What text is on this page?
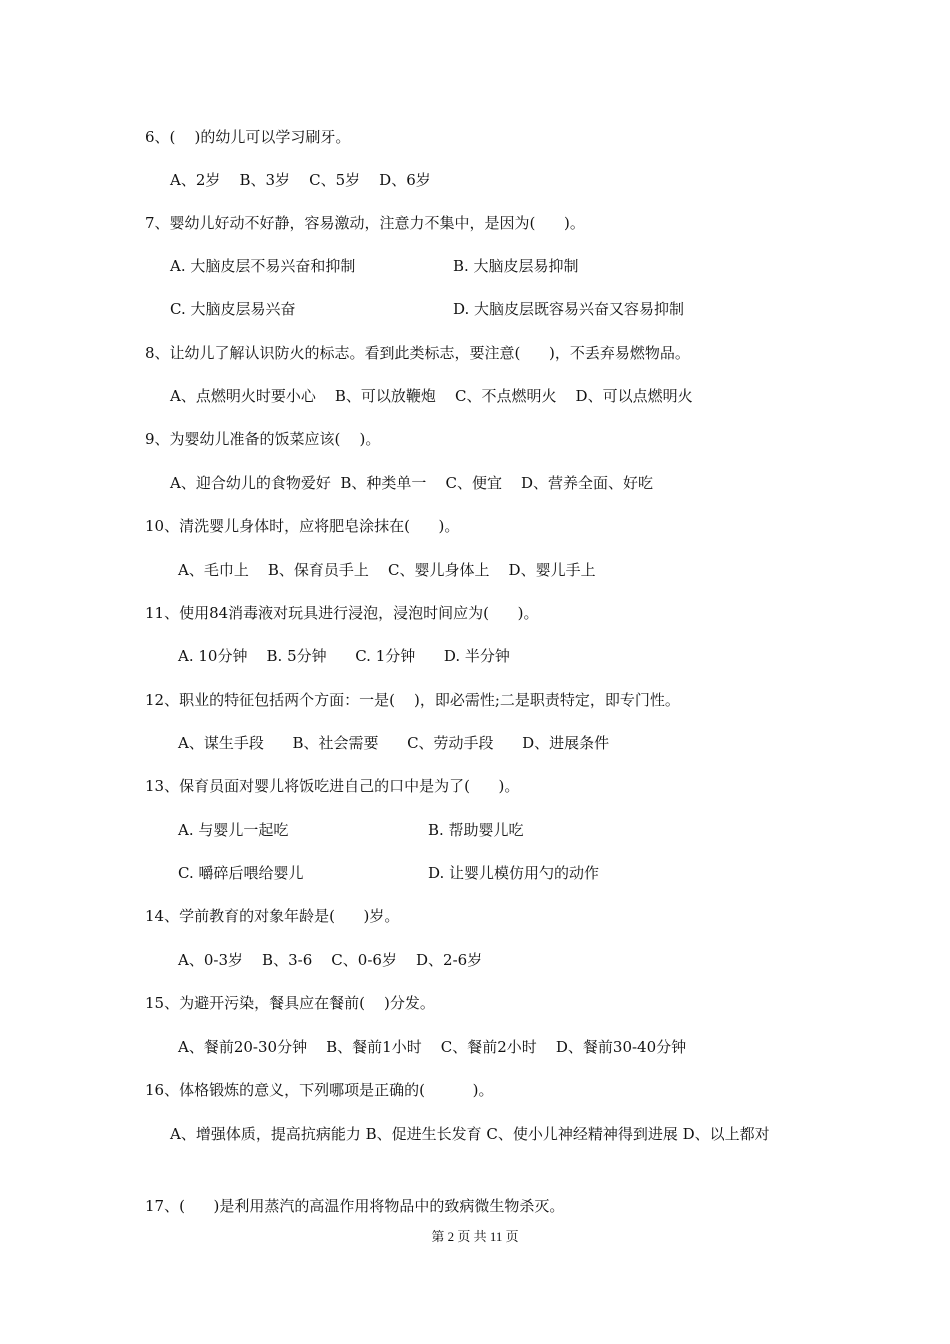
6、(    )的幼儿可以学习刷牙。
A、2岁    B、3岁    C、5岁    D、6岁
7、婴幼儿好动不好静，容易激动，注意力不集中，是因为(      )。
A. 大脑皮层不易兴奋和抑制	B. 大脑皮层易抑制
C. 大脑皮层易兴奋	D. 大脑皮层既容易兴奋又容易抑制
8、让幼儿了解认识防火的标志。看到此类标志，要注意(      )，不丢弃易燃物品。
A、点燃明火时要小心    B、可以放鞭炮    C、不点燃明火    D、可以点燃明火
9、为婴幼儿准备的饭菜应该(    )。
A、迎合幼儿的食物爱好  B、种类单一    C、便宜    D、营养全面、好吃
10、清洗婴儿身体时，应将肥皂涂抹在(      )。
A、毛巾上    B、保育员手上    C、婴儿身体上    D、婴儿手上
11、使用84消毒液对玩具进行浸泡，浸泡时间应为(      )。
A. 10分钟    B. 5分钟      C. 1分钟      D. 半分钟
12、职业的特征包括两个方面：一是(    )，即必需性;二是职责特定，即专门性。
A、谋生手段      B、社会需要      C、劳动手段      D、进展条件
13、保育员面对婴儿将饭吃进自己的口中是为了(      )。
A. 与婴儿一起吃	B. 帮助婴儿吃
C. 嚼碎后喂给婴儿	D. 让婴儿模仿用勺的动作
14、学前教育的对象年龄是(      )岁。
A、0-3岁    B、3-6    C、0-6岁    D、2-6岁
15、为避开污染，餐具应在餐前(    )分发。
A、餐前20-30分钟    B、餐前1小时    C、餐前2小时    D、餐前30-40分钟
16、体格锻炼的意义，下列哪项是正确的(          )。
A、增强体质，提高抗病能力 B、促进生长发育 C、使小儿神经精神得到进展 D、以上都对
17、(      )是利用蒸汽的高温作用将物品中的致病微生物杀灭。
第 2 页 共 11 页
